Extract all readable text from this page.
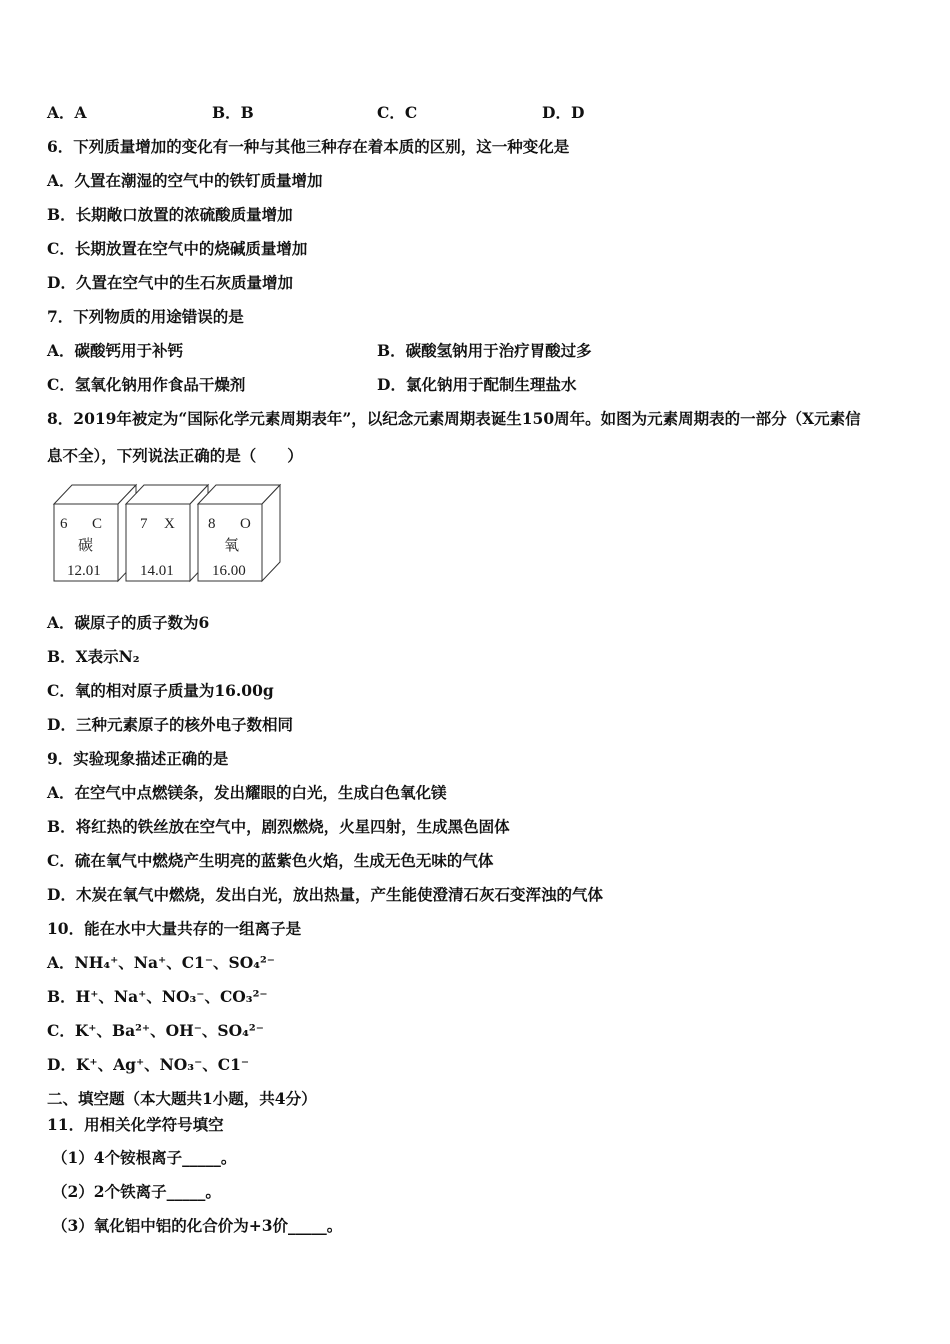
A．A	B．B	C．C	D．D
6．下列质量增加的变化有一种与其他三种存在着本质的区别，这一种变化是
A．久置在潮湿的空气中的铁钉质量增加
B．长期敞口放置的浓硫酸质量增加
C．长期放置在空气中的烧碱质量增加
D．久置在空气中的生石灰质量增加
7．下列物质的用途错误的是
A．碳酸钙用于补钙	B．碳酸氢钠用于治疗胃酸过多
C．氢氧化钠用作食品干燥剂	D．氯化钠用于配制生理盐水
8．2019年被定为“国际化学元素周期表年”，以纪念元素周期表诞生150周年。如图为元素周期表的一部分（X元素信
息不全），下列说法正确的是（　　）
6 C
碳
12.01
7 X
14.01
8 O
氧
16.00
A．碳原子的质子数为6
B．X表示N₂
C．氧的相对原子质量为16.00g
D．三种元素原子的核外电子数相同
9．实验现象描述正确的是
A．在空气中点燃镁条，发出耀眼的白光，生成白色氧化镁
B．将红热的铁丝放在空气中，剧烈燃烧，火星四射，生成黑色固体
C．硫在氧气中燃烧产生明亮的蓝紫色火焰，生成无色无味的气体
D．木炭在氧气中燃烧，发出白光，放出热量，产生能使澄清石灰石变浑浊的气体
10．能在水中大量共存的一组离子是
A．NH₄⁺、Na⁺、C1⁻、SO₄²⁻
B．H⁺、Na⁺、NO₃⁻、CO₃²⁻
C．K⁺、Ba²⁺、OH⁻、SO₄²⁻
D．K⁺、Ag⁺、NO₃⁻、C1⁻
二、填空题（本大题共1小题，共4分）
11．用相关化学符号填空
（1）4个铵根离子_____。
（2）2个铁离子_____。
（3）氧化铝中铝的化合价为+3价_____。
